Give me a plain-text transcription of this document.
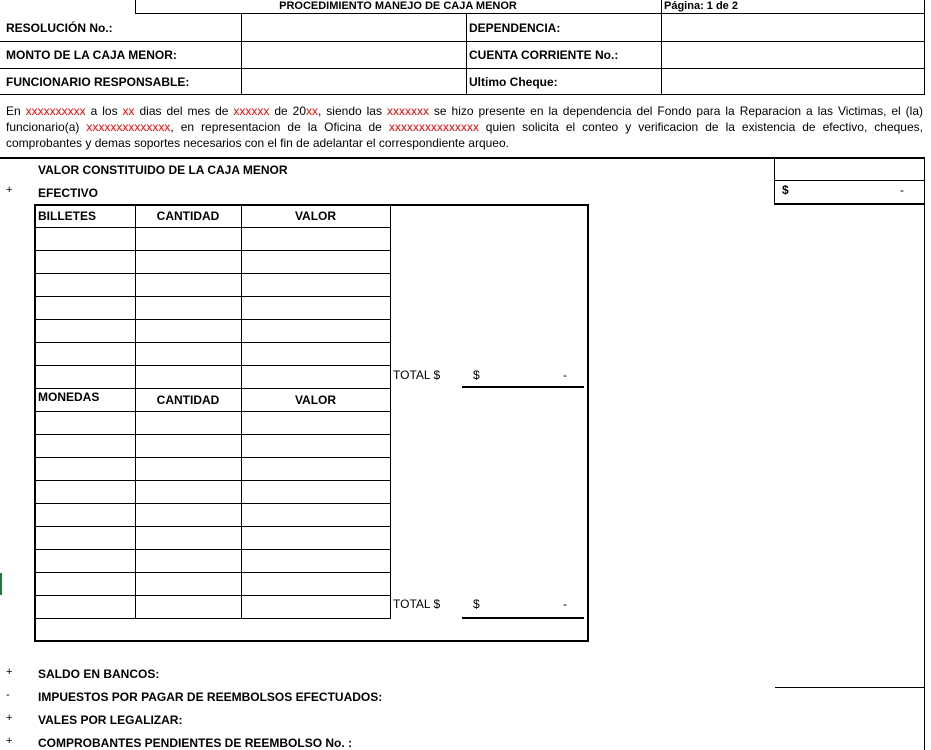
PROCEDIMIENTO MANEJO DE CAJA MENOR	Página: 1 de 2
RESOLUCIÓN No.:	DEPENDENCIA:
MONTO DE LA CAJA MENOR:	CUENTA CORRIENTE No.:
FUNCIONARIO RESPONSABLE:	Ultimo Cheque:
En xxxxxxxxxx a los xx dias del mes de xxxxxx de 20xx, siendo las xxxxxxx se hizo presente en la dependencia del Fondo para la Reparacion a las Victimas, el (la) funcionario(a) xxxxxxxxxxxxxx, en representacion de la Oficina de xxxxxxxxxxxxxxx quien solicita el conteo y verificacion de la existencia de efectivo, cheques, comprobantes y demas soportes necesarios con el fin de adelantar el correspondiente arqueo.
VALOR CONSTITUIDO DE LA CAJA MENOR
+ EFECTIVO	$	-
BILLETES	CANTIDAD	VALOR
TOTAL $	$	-
MONEDAS	CANTIDAD	VALOR
TOTAL $	$	-
+ SALDO EN BANCOS:
- IMPUESTOS POR PAGAR DE REEMBOLSOS EFECTUADOS:
+ VALES POR LEGALIZAR:
+ COMPROBANTES PENDIENTES DE REEMBOLSO No. :
